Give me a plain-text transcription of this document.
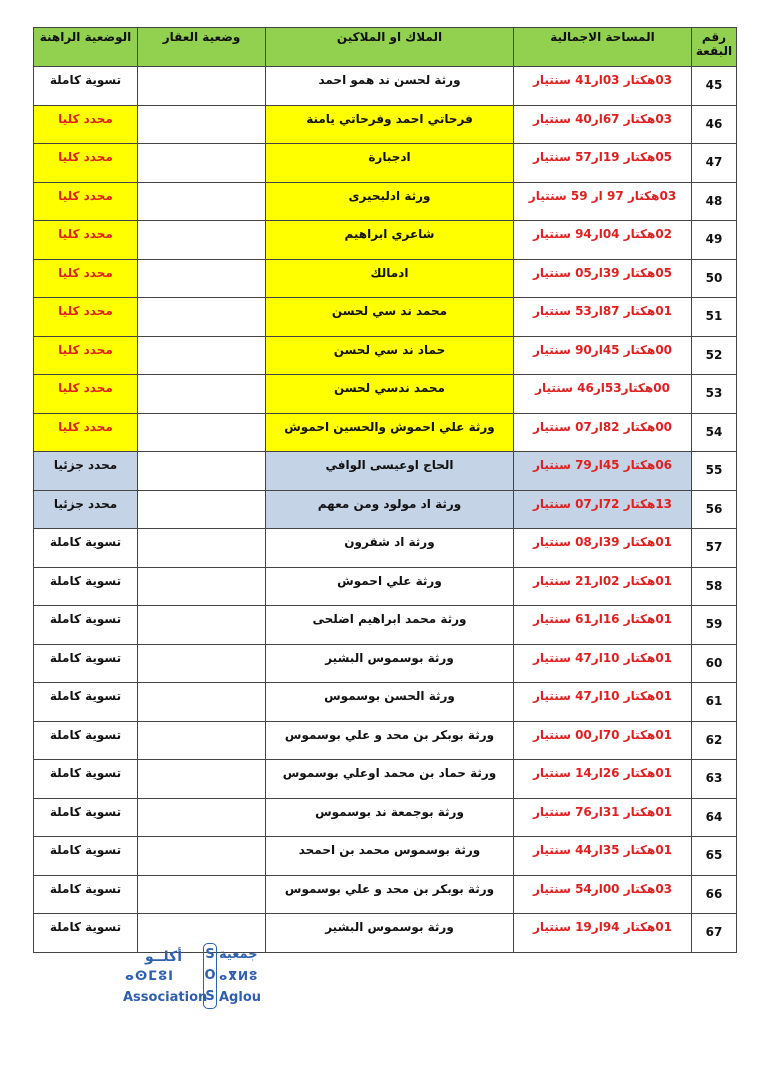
رقم البقعة	المساحة الاجمالية	الملاك او الملاكين	وضعية العقار	الوضعية الراهنة

45	03هكتار 03ار41 سنتيار	ورثة لحسن ند همو احمد		تسوية كاملة

46	03هكتار 67ار40 سنتيار	فرحاتي احمد وفرحاتي يامنة		محدد كليا

47	05هكتار 19ار57 سنتيار	ادجبارة		محدد كليا

48	03هكتار 97 ار 59 سنتيار	ورثة ادلبحيرى		محدد كليا

49	02هكتار 04ار94 سنتيار	شاعري ابراهيم		محدد كليا

50	05هكتار 39ار05 سنتيار	ادمالك		محدد كليا

51	01هكتار 87ار53 سنتيار	محمد ند سي لحسن		محدد كليا

52	00هكتار 45ار90 سنتيار	حماد ند سي لحسن		محدد كليا

53	00هكتار53ار46 سنتيار	محمد ندسي لحسن		محدد كليا

54	00هكتار 82ار07 سنتيار	ورثة علي احموش والحسين احموش		محدد كليا

55	06هكتار 45ار79 سنتيار	الحاج اوعيسى الوافي		محدد جزئيا

56	13هكتار 72ار07 سنتيار	ورثة اد مولود ومن معهم		محدد جزئيا

57	01هكتار 39ار08 سنتيار	ورثة اد شقرون		تسوية كاملة

58	01هكتار 02ار21 سنتيار	ورثة علي احموش		تسوية كاملة

59	01هكتار 16ار61 سنتيار	ورثة محمد ابراهيم اضلحى		تسوية كاملة

60	01هكتار 10ار47 سنتيار	ورثة بوسموس البشير		تسوية كاملة

61	01هكتار 10ار47 سنتيار	ورثة الحسن بوسموس		تسوية كاملة

62	01هكتار 70ار00 سنتيار	ورثة بوبكر بن محد و علي بوسموس		تسوية كاملة

63	01هكتار 26ار14 سنتيار	ورثة حماد بن محمد اوعلي بوسموس		تسوية كاملة

64	01هكتار 31ار76 سنتيار	ورثة بوجمعة ند بوسموس		تسوية كاملة

65	01هكتار 35ار44 سنتيار	ورثة بوسموس محمد بن احمحد		تسوية كاملة

66	03هكتار 00ار54 سنتيار	ورثة بوبكر بن محد و علي بوسموس		تسوية كاملة

67	01هكتار 94ار19 سنتيار	ورثة بوسموس البشير		تسوية كاملة
أكلــو
ⴰⵙⵎⵓⵏ
Association
S
O
S
جمعية
ⴰⴳⵍⵓ
Aglou
